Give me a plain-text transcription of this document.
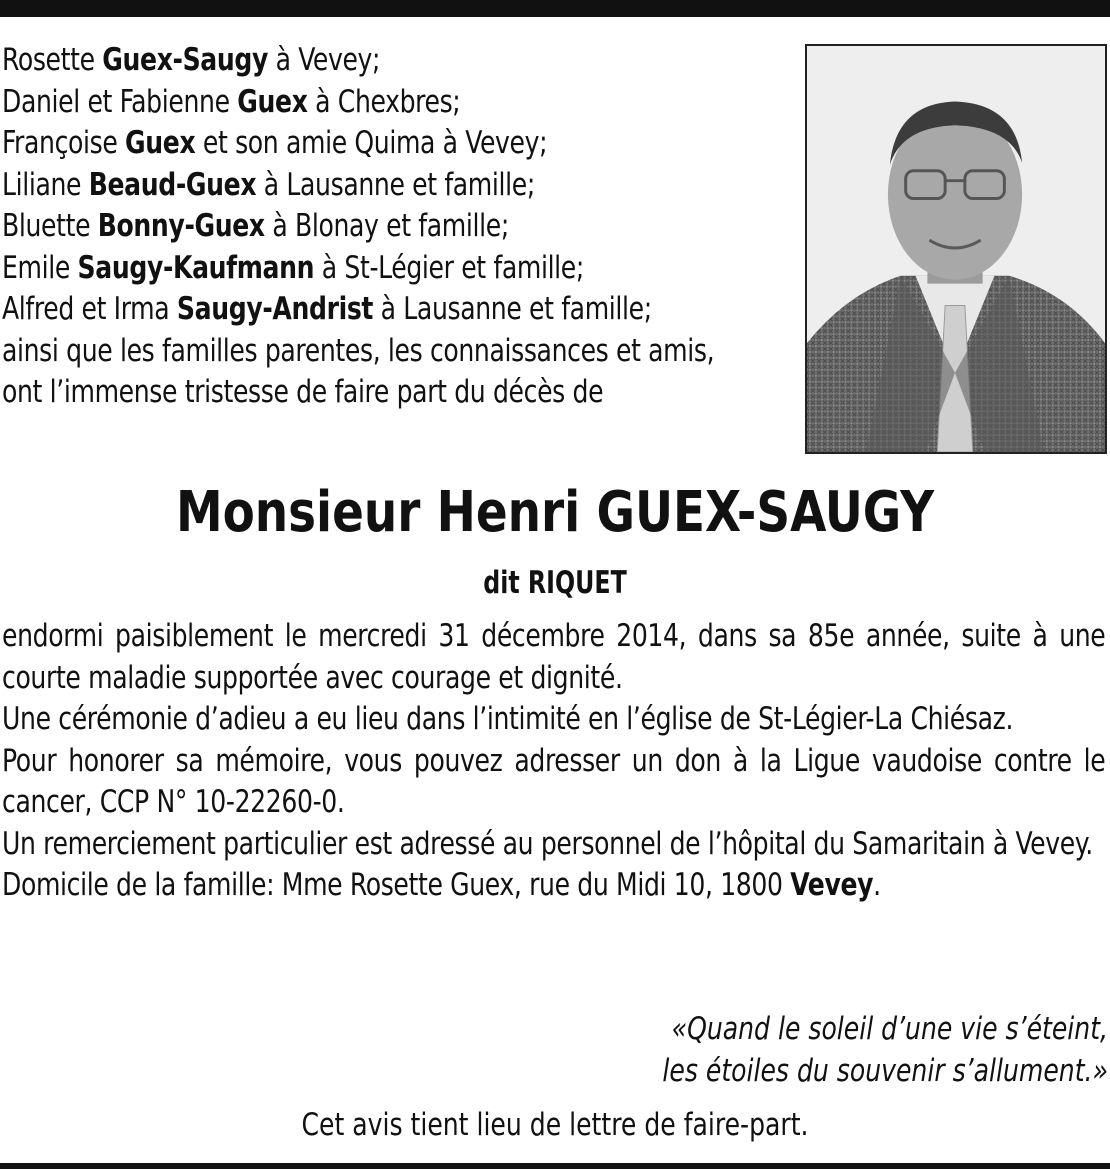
Rosette Guex-Saugy à Vevey;
Daniel et Fabienne Guex à Chexbres;
Françoise Guex et son amie Quima à Vevey;
Liliane Beaud-Guex à Lausanne et famille;
Bluette Bonny-Guex à Blonay et famille;
Emile Saugy-Kaufmann à St-Légier et famille;
Alfred et Irma Saugy-Andrist à Lausanne et famille;
ainsi que les familles parentes, les connaissances et amis,
ont l’immense tristesse de faire part du décès de
Monsieur Henri GUEX-SAUGY
dit RIQUET

endormi paisiblement le mercredi 31 décembre 2014, dans sa 85e année, suite à une courte maladie supportée avec courage et dignité.

Une cérémonie d’adieu a eu lieu dans l’intimité en l’église de St-Légier-La Chiésaz.

Pour honorer sa mémoire, vous pouvez adresser un don à la Ligue vaudoise contre le cancer, CCP N° 10-22260-0.

Un remerciement particulier est adressé au personnel de l’hôpital du Samaritain à Vevey.

Domicile de la famille: Mme Rosette Guex, rue du Midi 10, 1800 Vevey.

«Quand le soleil d’une vie s’éteint,
les étoiles du souvenir s’allument.»
Cet avis tient lieu de lettre de faire-part.
